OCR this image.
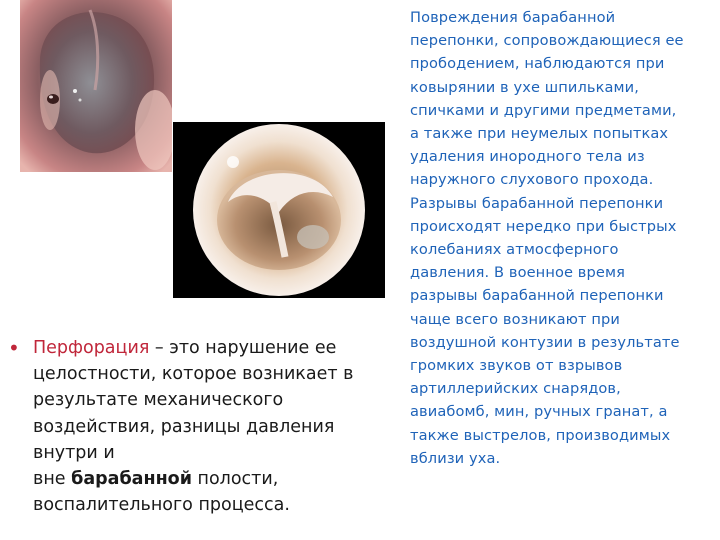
Повреждения барабанной
перепонки, сопровождающиеся ее
прободением, наблюдаются при
ковырянии в ухе шпильками,
спичками и другими предметами,
а также при неумелых попытках
удаления инородного тела из
наружного слухового прохода.
Разрывы барабанной перепонки
происходят нередко при быстрых
колебаниях атмосферного
давления. В военное время
разрывы барабанной перепонки
чаще всего возникают при
воздушной контузии в результате
громких звуков от взрывов
артиллерийских снарядов,
авиабомб, мин, ручных гранат, а
также выстрелов, производимых
вблизи уха.
• Перфорация – это нарушение ее
целостности, которое возникает в
результате механического
воздействия, разницы давления
внутри и
вне барабанной полости,
воспалительного процесса.
